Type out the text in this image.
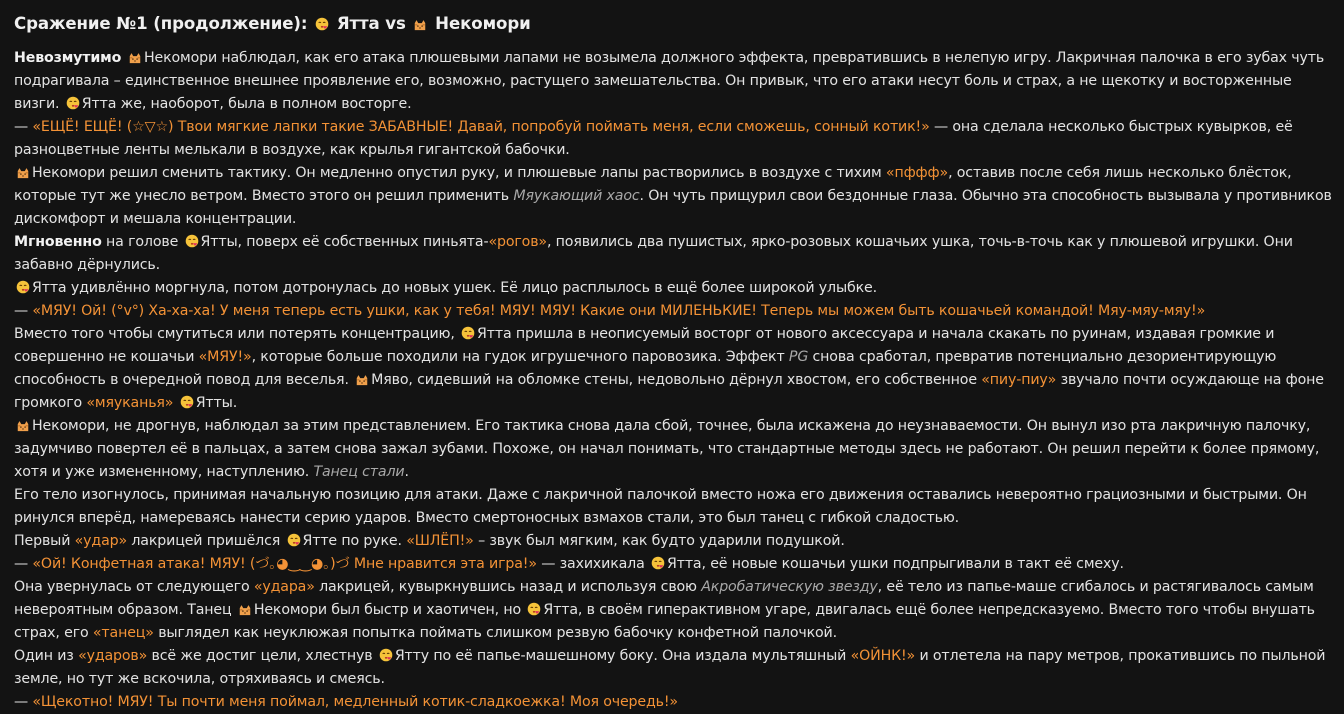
Сражение №1 (продолжение):  Ятта vs  Некомори

Невозмутимо Некомори наблюдал, как его атака плюшевыми лапами не возымела должного эффекта, превратившись в нелепую игру. Лакричная палочка в его зубах чуть подрагивала – единственное внешнее проявление его, возможно, растущего замешательства. Он привык, что его атаки несут боль и страх, а не щекотку и восторженные визги. Ятта же, наоборот, была в полном восторге.

— «ЕЩЁ! ЕЩЁ! (☆▽☆) Твои мягкие лапки такие ЗАБАВНЫЕ! Давай, попробуй поймать меня, если сможешь, сонный котик!» — она сделала несколько быстрых кувырков, её разноцветные ленты мелькали в воздухе, как крылья гигантской бабочки.

Некомори решил сменить тактику. Он медленно опустил руку, и плюшевые лапы растворились в воздухе с тихим «пффф», оставив после себя лишь несколько блёсток, которые тут же унесло ветром. Вместо этого он решил применить Мяукающий хаос. Он чуть прищурил свои бездонные глаза. Обычно эта способность вызывала у противников дискомфорт и мешала концентрации.

Мгновенно на голове Ятты, поверх её собственных пиньята-«рогов», появились два пушистых, ярко-розовых кошачьих ушка, точь-в-точь как у плюшевой игрушки. Они забавно дёрнулись.

Ятта удивлённо моргнула, потом дотронулась до новых ушек. Её лицо расплылось в ещё более широкой улыбке.

— «МЯУ! Ой! (°v°) Ха-ха-ха! У меня теперь есть ушки, как у тебя! МЯУ! МЯУ! Какие они МИЛЕНЬКИЕ! Теперь мы можем быть кошачьей командой! Мяу-мяу-мяу!»

Вместо того чтобы смутиться или потерять концентрацию, Ятта пришла в неописуемый восторг от нового аксессуара и начала скакать по руинам, издавая громкие и совершенно не кошачьи «МЯУ!», которые больше походили на гудок игрушечного паровозика. Эффект PG снова сработал, превратив потенциально дезориентирующую способность в очередной повод для веселья. Мяво, сидевший на обломке стены, недовольно дёрнул хвостом, его собственное «пиу-пиу» звучало почти осуждающе на фоне громкого «мяуканья» Ятты.

Некомори, не дрогнув, наблюдал за этим представлением. Его тактика снова дала сбой, точнее, была искажена до неузнаваемости. Он вынул изо рта лакричную палочку, задумчиво повертел её в пальцах, а затем снова зажал зубами. Похоже, он начал понимать, что стандартные методы здесь не работают. Он решил перейти к более прямому, хотя и уже измененному, наступлению. Танец стали.

Его тело изогнулось, принимая начальную позицию для атаки. Даже с лакричной палочкой вместо ножа его движения оставались невероятно грациозными и быстрыми. Он ринулся вперёд, намереваясь нанести серию ударов. Вместо смертоносных взмахов стали, это был танец с гибкой сладостью.

Первый «удар» лакрицей пришёлся Ятте по руке. «ШЛЁП!» – звук был мягким, как будто ударили подушкой.

— «Ой! Конфетная атака! МЯУ! (づ｡◕‿‿◕｡)づ Мне нравится эта игра!» — захихикала Ятта, её новые кошачьи ушки подпрыгивали в такт её смеху.

Она увернулась от следующего «удара» лакрицей, кувыркнувшись назад и используя свою Акробатическую звезду, её тело из папье-маше сгибалось и растягивалось самым невероятным образом. Танец Некомори был быстр и хаотичен, но Ятта, в своём гиперактивном угаре, двигалась ещё более непредсказуемо. Вместо того чтобы внушать страх, его «танец» выглядел как неуклюжая попытка поймать слишком резвую бабочку конфетной палочкой.

Один из «ударов» всё же достиг цели, хлестнув Ятту по её папье-машешному боку. Она издала мультяшный «ОЙНК!» и отлетела на пару метров, прокатившись по пыльной земле, но тут же вскочила, отряхиваясь и смеясь.

— «Щекотно! МЯУ! Ты почти меня поймал, медленный котик-сладкоежка! Моя очередь!»
